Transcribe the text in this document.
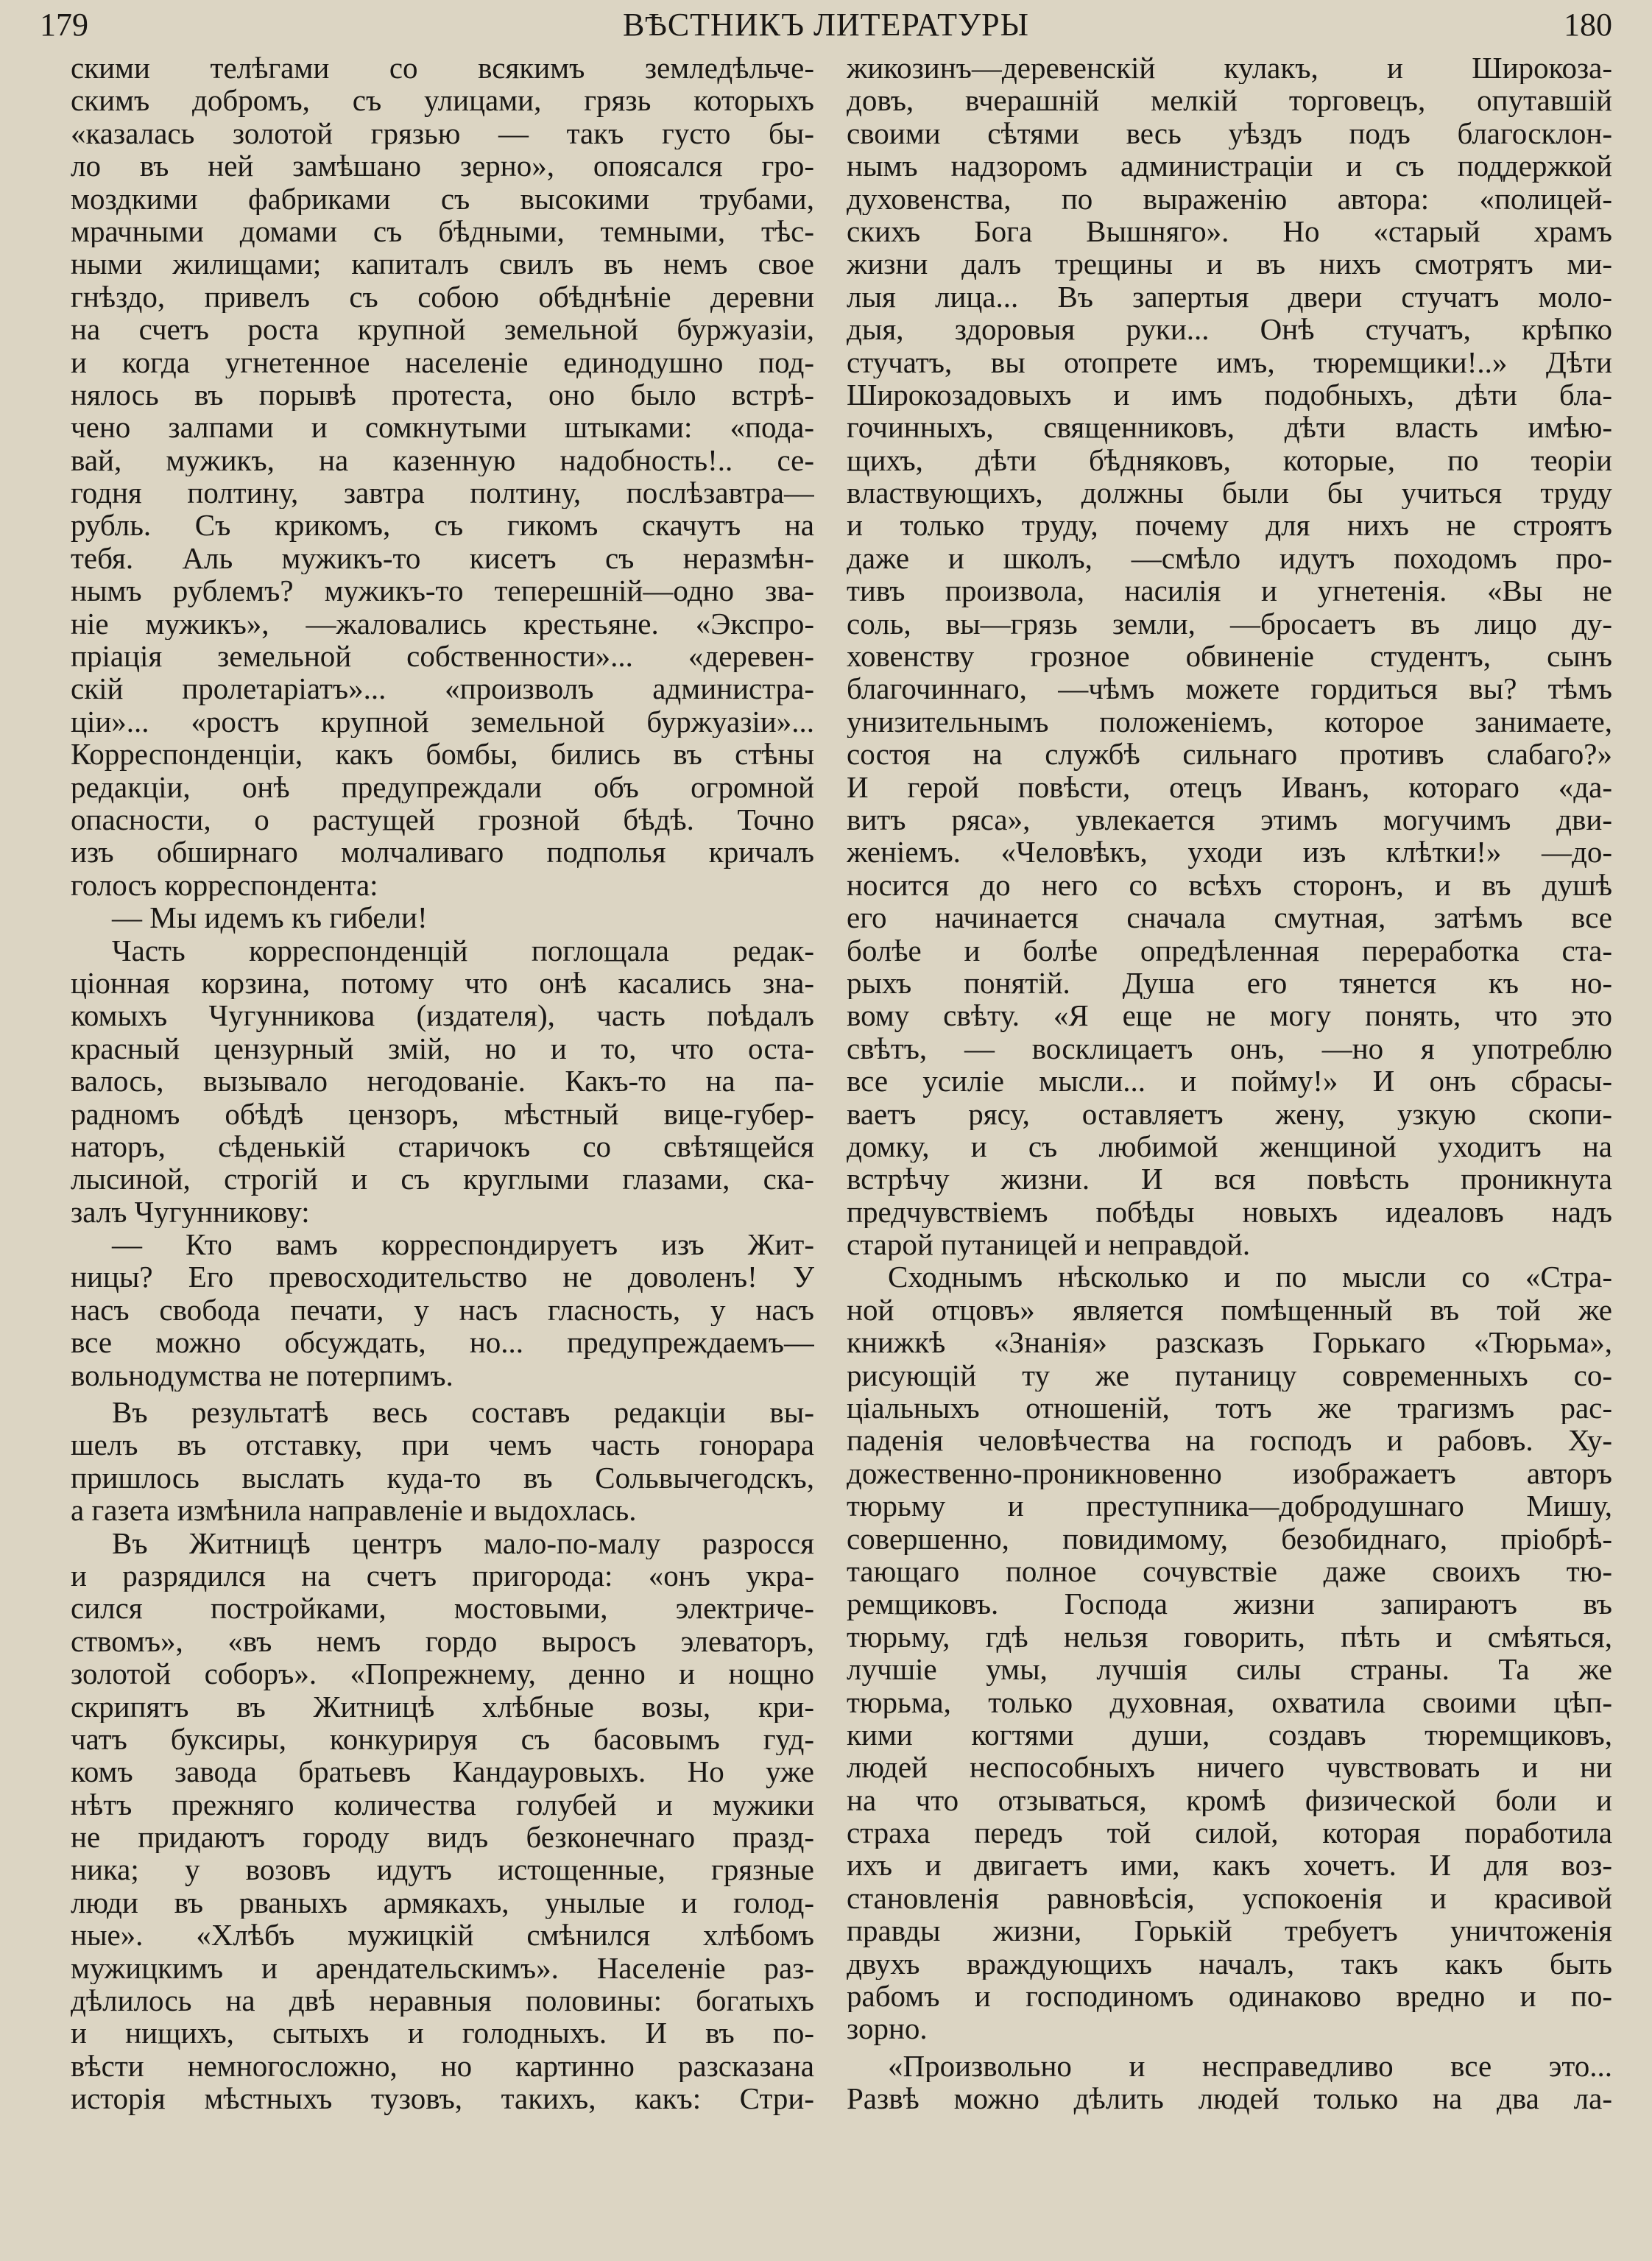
179	ВѢСТНИКЪ ЛИТЕРАТУРЫ	180
скими телѣгами со всякимъ земледѣльче-
скимъ добромъ, съ улицами, грязь которыхъ
«казалась золотой грязью — такъ густо бы-
ло въ ней замѣшано зерно», опоясался гро-
моздкими фабриками съ высокими трубами,
мрачными домами съ бѣдными, темными, тѣс-
ными жилищами; капиталъ свилъ въ немъ свое
гнѣздо, привелъ съ собою обѣднѣніе деревни
на счетъ роста крупной земельной буржуазіи,
и когда угнетенное населеніе единодушно под-
нялось въ порывѣ протеста, оно было встрѣ-
чено залпами и сомкнутыми штыками: «пода-
вай, мужикъ, на казенную надобность!.. се-
годня полтину, завтра полтину, послѣзавтра—
рубль. Съ крикомъ, съ гикомъ скачутъ на
тебя. Аль мужикъ-то кисетъ съ неразмѣн-
нымъ рублемъ? мужикъ-то теперешній—одно зва-
ніе мужикъ», —жаловались крестьяне. «Экспро-
пріація земельной собственности»... «деревен-
скій пролетаріатъ»... «произволъ администра-
ціи»... «ростъ крупной земельной буржуазіи»...
Корреспонденціи, какъ бомбы, бились въ стѣны
редакціи, онѣ предупреждали объ огромной
опасности, о растущей грозной бѣдѣ. Точно
изъ обширнаго молчаливаго подполья кричалъ
голосъ корреспондента:
— Мы идемъ къ гибели!
Часть корреспонденцій поглощала редак-
ціонная корзина, потому что онѣ касались зна-
комыхъ Чугунникова (издателя), часть поѣдалъ
красный цензурный змій, но и то, что оста-
валось, вызывало негодованіе. Какъ-то на па-
радномъ обѣдѣ цензоръ, мѣстный вице-губер-
наторъ, сѣденькій старичокъ со свѣтящейся
лысиной, строгій и съ круглыми глазами, ска-
залъ Чугунникову:
— Кто вамъ корреспондируетъ изъ Жит-
ницы? Его превосходительство не доволенъ! У
насъ свобода печати, у насъ гласность, у насъ
все можно обсуждать, но... предупреждаемъ—
вольнодумства не потерпимъ.
Въ результатѣ весь составъ редакціи вы-
шелъ въ отставку, при чемъ часть гонорара
пришлось выслать куда-то въ Сольвычегодскъ,
а газета измѣнила направленіе и выдохлась.
Въ Житницѣ центръ мало-по-малу разросся
и разрядился на счетъ пригорода: «онъ укра-
сился постройками, мостовыми, электриче-
ствомъ», «въ немъ гордо выросъ элеваторъ,
золотой соборъ». «Попрежнему, денно и нощно
скрипятъ въ Житницѣ хлѣбные возы, кри-
чатъ буксиры, конкурируя съ басовымъ гуд-
комъ завода братьевъ Кандауровыхъ. Но уже
нѣтъ прежняго количества голубей и мужики
не придаютъ городу видъ безконечнаго празд-
ника; у возовъ идутъ истощенные, грязные
люди въ рваныхъ армякахъ, унылые и голод-
ные». «Хлѣбъ мужицкій смѣнился хлѣбомъ
мужицкимъ и арендательскимъ». Населеніе раз-
дѣлилось на двѣ неравныя половины: богатыхъ
и нищихъ, сытыхъ и голодныхъ. И въ по-
вѣсти немногосложно, но картинно разсказана
исторія мѣстныхъ тузовъ, такихъ, какъ: Стри-
жикозинъ—деревенскій кулакъ, и Широкоза-
довъ, вчерашній мелкій торговецъ, опутавшій
своими сѣтями весь уѣздъ подъ благосклон-
нымъ надзоромъ администраціи и съ поддержкой
духовенства, по выраженію автора: «полицей-
скихъ Бога Вышняго». Но «старый храмъ
жизни далъ трещины и въ нихъ смотрятъ ми-
лыя лица... Въ запертыя двери стучатъ моло-
дыя, здоровыя руки... Онѣ стучатъ, крѣпко
стучатъ, вы отопрете имъ, тюремщики!..» Дѣти
Широкозадовыхъ и имъ подобныхъ, дѣти бла-
гочинныхъ, священниковъ, дѣти власть имѣю-
щихъ, дѣти бѣдняковъ, которые, по теоріи
властвующихъ, должны были бы учиться труду
и только труду, почему для нихъ не строятъ
даже и школъ, —смѣло идутъ походомъ про-
тивъ произвола, насилія и угнетенія. «Вы не
соль, вы—грязь земли, —бросаетъ въ лицо ду-
ховенству грозное обвиненіе студентъ, сынъ
благочиннаго, —чѣмъ можете гордиться вы? тѣмъ
унизительнымъ положеніемъ, которое занимаете,
состоя на службѣ сильнаго противъ слабаго?»
И герой повѣсти, отецъ Иванъ, котораго «да-
витъ ряса», увлекается этимъ могучимъ дви-
женіемъ. «Человѣкъ, уходи изъ клѣтки!» —до-
носится до него со всѣхъ сторонъ, и въ душѣ
его начинается сначала смутная, затѣмъ все
болѣе и болѣе опредѣленная переработка ста-
рыхъ понятій. Душа его тянется къ но-
вому свѣту. «Я еще не могу понять, что это
свѣтъ, — восклицаетъ онъ, —но я употреблю
все усиліе мысли... и пойму!» И онъ сбрасы-
ваетъ рясу, оставляетъ жену, узкую скопи-
домку, и съ любимой женщиной уходитъ на
встрѣчу жизни. И вся повѣсть проникнута
предчувствіемъ побѣды новыхъ идеаловъ надъ
старой путаницей и неправдой.
Сходнымъ нѣсколько и по мысли со «Стра-
ной отцовъ» является помѣщенный въ той же
книжкѣ «Знанія» разсказъ Горькаго «Тюрьма»,
рисующій ту же путаницу современныхъ со-
ціальныхъ отношеній, тотъ же трагизмъ рас-
паденія человѣчества на господъ и рабовъ. Ху-
дожественно-проникновенно изображаетъ авторъ
тюрьму и преступника—добродушнаго Мишу,
совершенно, повидимому, безобиднаго, пріобрѣ-
тающаго полное сочувствіе даже своихъ тю-
ремщиковъ. Господа жизни запираютъ въ
тюрьму, гдѣ нельзя говорить, пѣть и смѣяться,
лучшіе умы, лучшія силы страны. Та же
тюрьма, только духовная, охватила своими цѣп-
кими когтями души, создавъ тюремщиковъ,
людей неспособныхъ ничего чувствовать и ни
на что отзываться, кромѣ физической боли и
страха передъ той силой, которая поработила
ихъ и двигаетъ ими, какъ хочетъ. И для воз-
становленія равновѣсія, успокоенія и красивой
правды жизни, Горькій требуетъ уничтоженія
двухъ враждующихъ началъ, такъ какъ быть
рабомъ и господиномъ одинаково вредно и по-
зорно.
«Произвольно и несправедливо все это...
Развѣ можно дѣлить людей только на два ла-
